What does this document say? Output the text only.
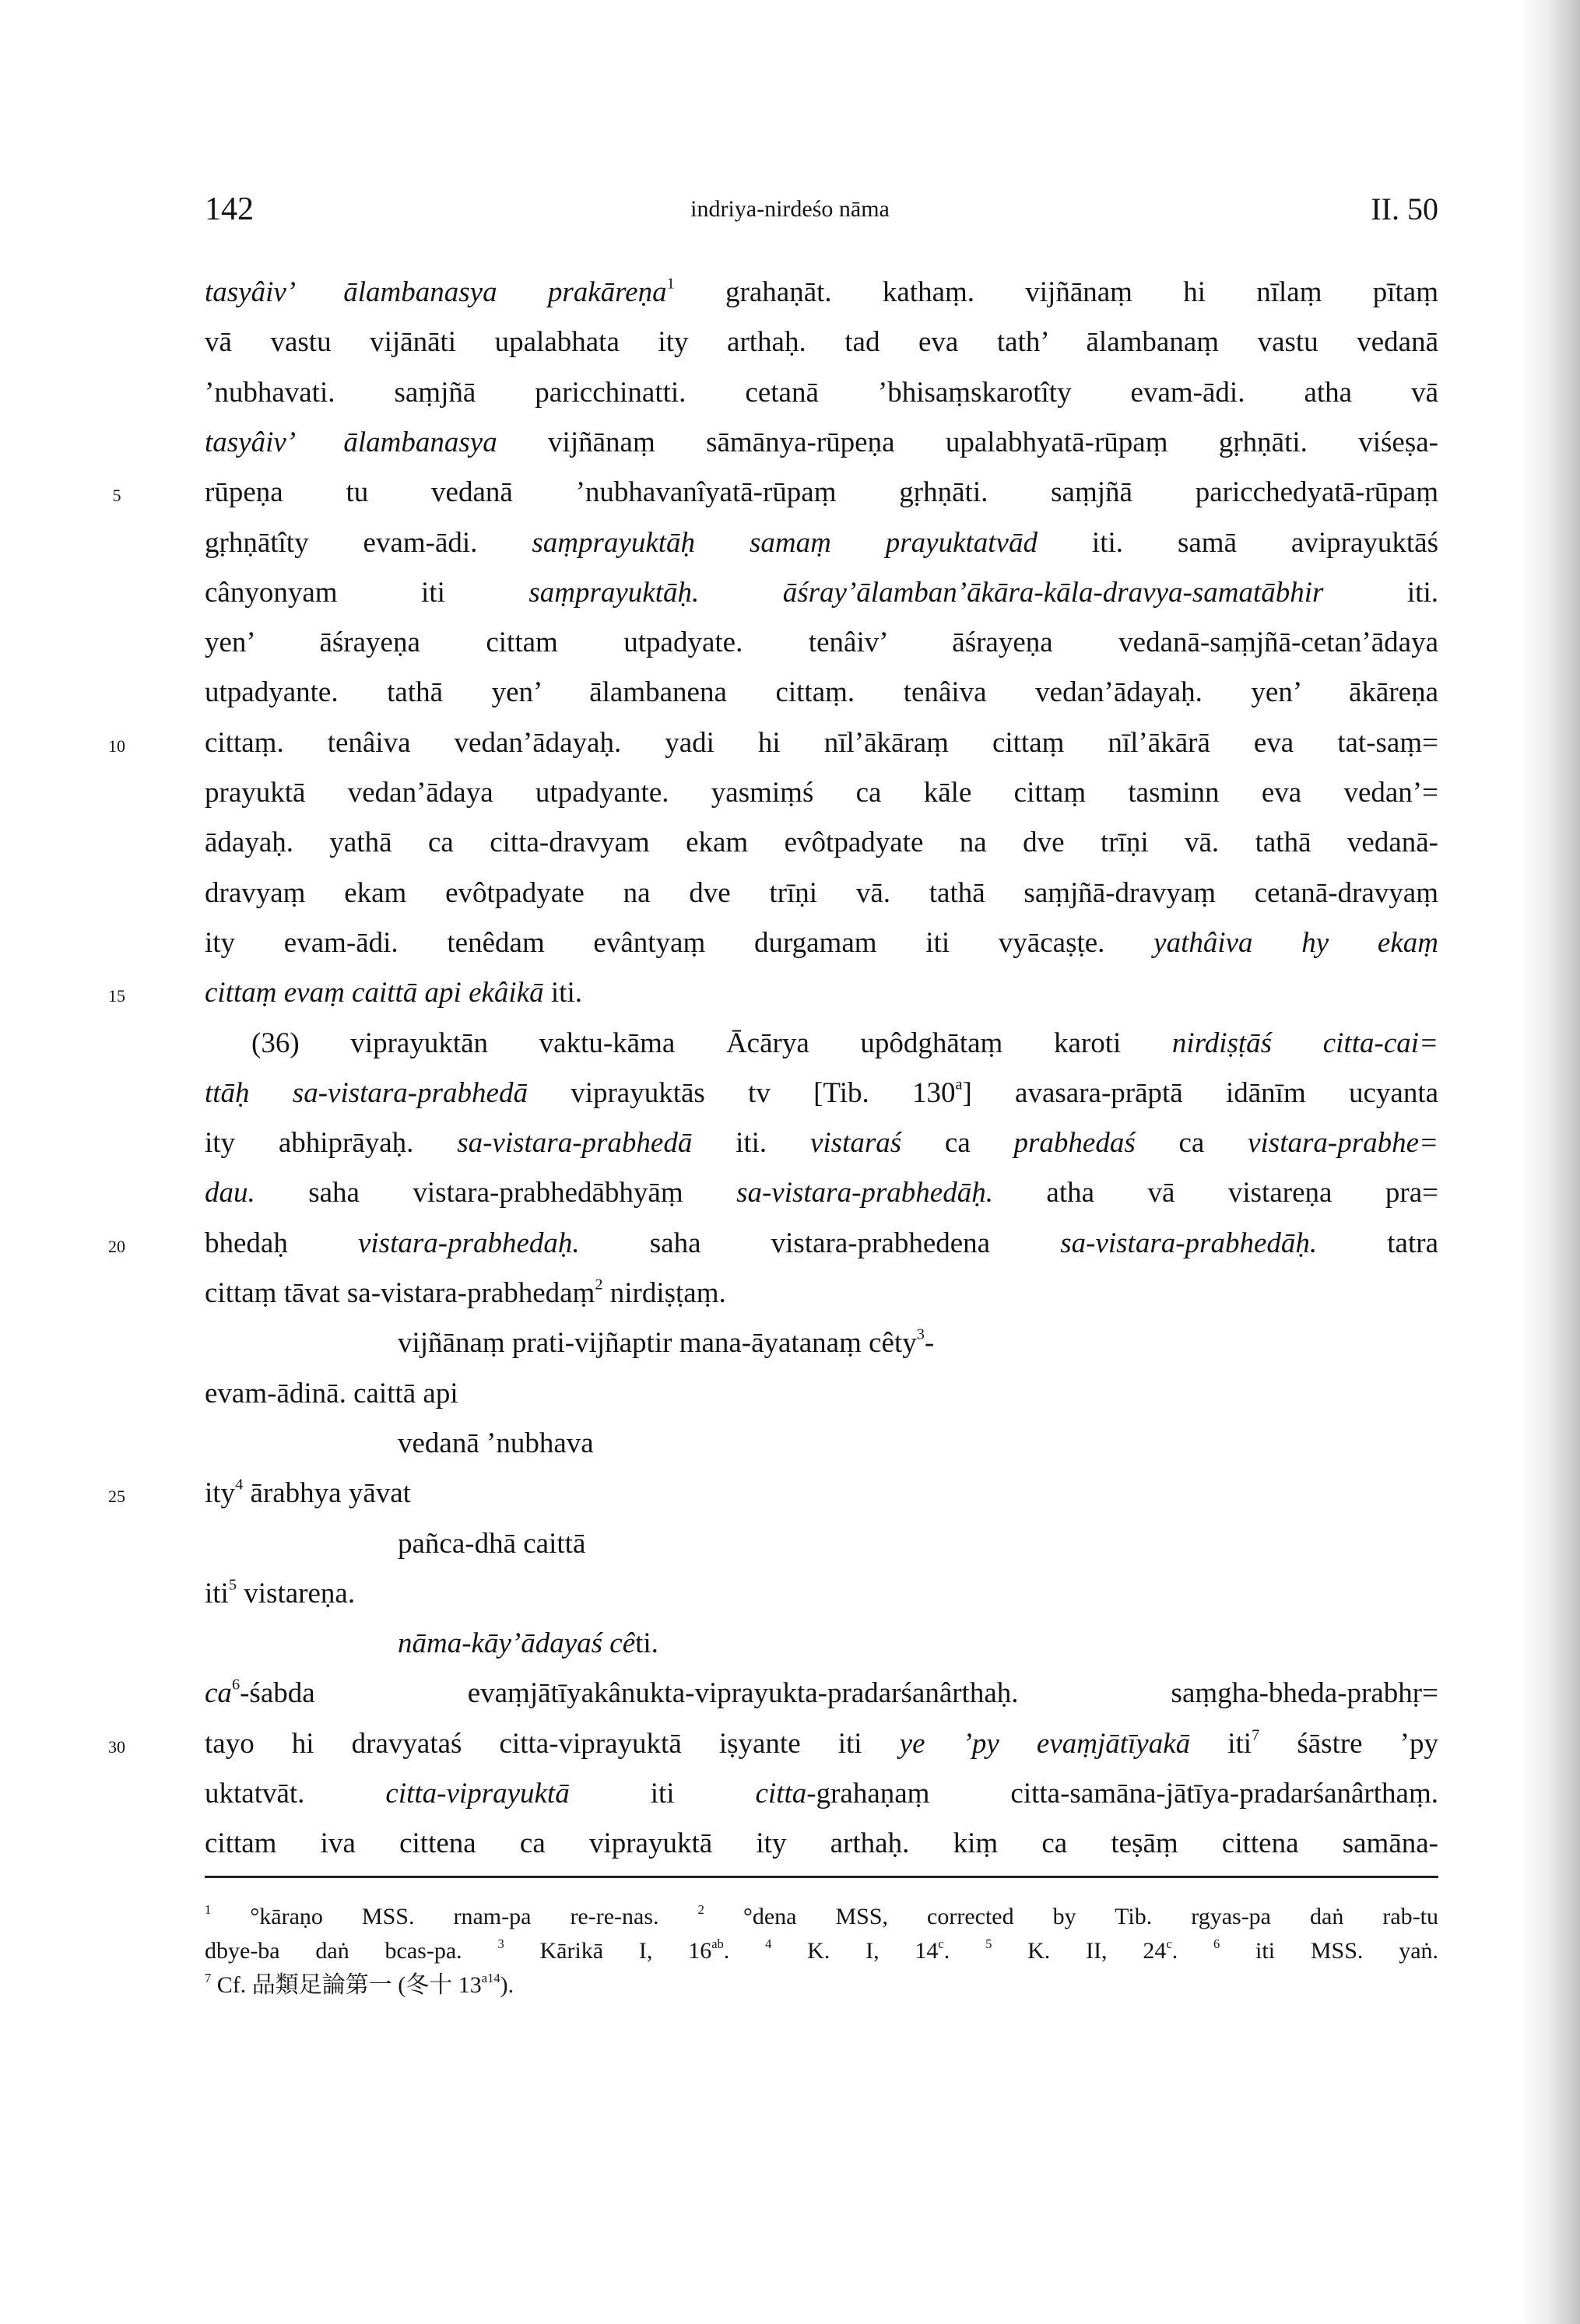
142	indriya-nirdeśo nāma	II. 50
tasyâiv’ ālambanasya prakāreṇa$^1$ grahaṇāt. kathaṃ. vijñānaṃ hi nīlaṃ pītaṃ
vā vastu vijānāti upalabhata ity arthaḥ. tad eva tath’ ālambanaṃ vastu vedanā
’nubhavati. saṃjñā paricchinatti. cetanā ’bhisaṃskarotîty evam-ādi. atha vā
tasyâiv’ ālambanasya vijñānaṃ sāmānya-rūpeṇa upalabhyatā-rūpaṃ gṛhṇāti. viśeṣa-
rūpeṇa tu vedanā ’nubhavanîyatā-rūpaṃ gṛhṇāti. saṃjñā paricchedyatā-rūpaṃ
5
gṛhṇātîty evam-ādi. saṃprayuktāḥ samaṃ prayuktatvād iti. samā aviprayuktāś
cânyonyam iti saṃprayuktāḥ.	āśray’ālamban’ākāra-kāla-dravya-samatābhir iti.
yen’ āśrayeṇa cittam utpadyate. tenâiv’ āśrayeṇa vedanā-saṃjñā-cetan’ādaya
utpadyante. tathā yen’ ālambanena cittaṃ. tenâiva vedan’ādayaḥ. yen’ ākāreṇa
cittaṃ. tenâiva vedan’ādayaḥ. yadi hi nīl’ākāraṃ cittaṃ nīl’ākārā eva tat-saṃ=
10
prayuktā vedan’ādaya utpadyante. yasmiṃś ca kāle cittaṃ tasminn eva vedan’=
ādayaḥ. yathā ca citta-dravyam ekam evôtpadyate na dve trīṇi vā. tathā vedanā-
dravyaṃ ekam evôtpadyate na dve trīṇi vā. tathā saṃjñā-dravyaṃ cetanā-dravyaṃ
ity evam-ādi. tenêdam evântyaṃ durgamam iti vyācaṣṭe. yathâiva hy ekaṃ
cittaṃ evaṃ caittā api ekâikā iti.
15
(36) viprayuktān vaktu-kāma Ācārya upôdghātaṃ karoti nirdiṣṭāś citta-cai=
ttāḥ sa-vistara-prabhedā viprayuktās tv [Tib. 130$^a$] avasara-prāptā idānīm ucyanta
ity abhiprāyaḥ. sa-vistara-prabhedā iti. vistaraś ca prabhedaś ca vistara-prabhe=
dau. saha vistara-prabhedābhyāṃ sa-vistara-prabhedāḥ. atha vā vistareṇa pra=
bhedaḥ vistara-prabhedaḥ. saha vistara-prabhedena sa-vistara-prabhedāḥ. tatra
20
cittaṃ tāvat sa-vistara-prabhedaṃ$^2$ nirdiṣṭaṃ.
vijñānaṃ prati-vijñaptir mana-āyatanaṃ cêty$^3$-
evam-ādinā. caittā api
vedanā ’nubhava
ity$^4$ ārabhya yāvat
25
pañca-dhā caittā
iti$^5$ vistareṇa.
nāma-kāy’ādayaś cêti.
$ca^6$-śabda evaṃjātīyakânukta-viprayukta-pradarśanârthaḥ. saṃgha-bheda-prabhṛ=
tayo hi dravyataś citta-viprayuktā iṣyante iti ye ’py evaṃjātīyakā iti$^7$ śāstre ’py
30
uktatvāt. citta-viprayuktā iti citta-grahaṇaṃ citta-samāna-jātīya-pradarśanârthaṃ.
cittam iva cittena ca viprayuktā ity arthaḥ. kiṃ ca teṣāṃ cittena samāna-
$^1$ °kāraṇo MSS. rnam-pa re-re-nas. $^2$ °dena MSS, corrected by Tib. rgyas-pa daṅ rab-tu
dbye-ba daṅ bcas-pa. $^3$ Kārikā I, $16^{ab}$. $^4$ K. I, 14$^c$. $^5$ K. II, 24$^c$. $^6$ iti MSS. yaṅ.
$^7$ Cf. 品類足論第一 (冬十 $13^{a14}$).
